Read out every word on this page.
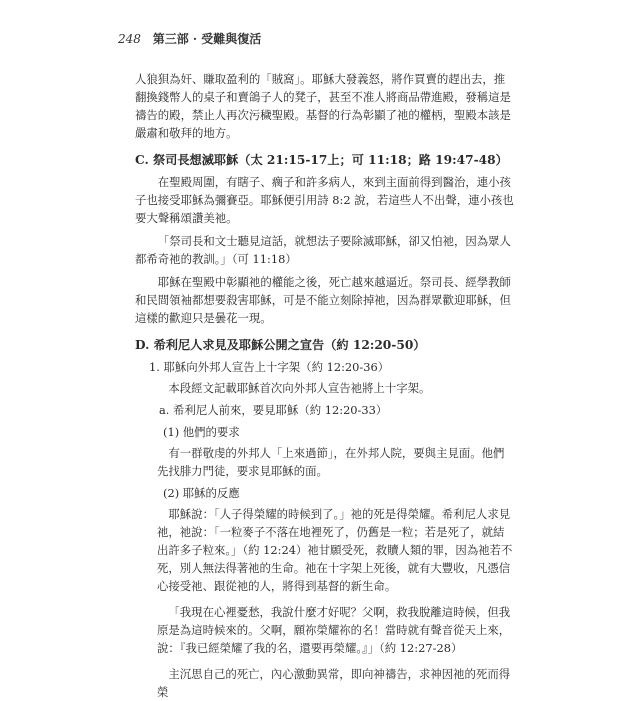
248 第三部 · 受難與復活

人狼狽為奸、賺取盈利的「賊窩」。耶穌大發義怒，將作買賣的趕出去，推翻換錢幣人的桌子和賣鴿子人的凳子，甚至不准人將商品帶進殿，發稱這是禱告的殿，禁止人再次污穢聖殿。基督的行為彰顯了祂的權柄，聖殿本該是嚴肅和敬拜的地方。

C. 祭司長想滅耶穌（太 21:15-17上；可 11:18；路 19:47-48）

在聖殿周圍，有瞎子、瘸子和許多病人，來到主面前得到醫治，連小孩子也接受耶穌為彌賽亞。耶穌便引用詩 8:2 說，若這些人不出聲，連小孩也要大聲稱頌讚美祂。

「祭司長和文士聽見這話，就想法子要除滅耶穌，卻又怕祂，因為眾人都希奇祂的教訓。」（可 11:18）

耶穌在聖殿中彰顯祂的權能之後，死亡越來越逼近。祭司長、經學教師和民間領袖都想要殺害耶穌，可是不能立刻除掉祂，因為群眾歡迎耶穌，但這樣的歡迎只是曇花一現。

D. 希利尼人求見及耶穌公開之宣告（約 12:20-50）

1. 耶穌向外邦人宣告上十字架（約 12:20-36）

本段經文記載耶穌首次向外邦人宣告祂將上十字架。

a. 希利尼人前來，要見耶穌（約 12:20-33）

(1) 他們的要求

有一群敬虔的外邦人「上來過節」，在外邦人院，要與主見面。他們先找腓力門徒，要求見耶穌的面。

(2) 耶穌的反應

耶穌說：「人子得榮耀的時候到了。」祂的死是得榮耀。希利尼人求見祂，祂說：「一粒麥子不落在地裡死了，仍舊是一粒；若是死了，就結出許多子粒來。」（約 12:24）祂甘願受死，救贖人類的罪，因為祂若不死，別人無法得著祂的生命。祂在十字架上死後，就有大豐收，凡憑信心接受祂、跟從祂的人，將得到基督的新生命。

「我現在心裡憂愁，我說什麼才好呢？父啊，救我脫離這時候，但我原是為這時候來的。父啊，願祢榮耀祢的名！當時就有聲音從天上來，說：『我已經榮耀了我的名，還要再榮耀。』」（約 12:27-28）

主沉思自己的死亡，內心激動異常，即向神禱告，求神因祂的死而得榮
